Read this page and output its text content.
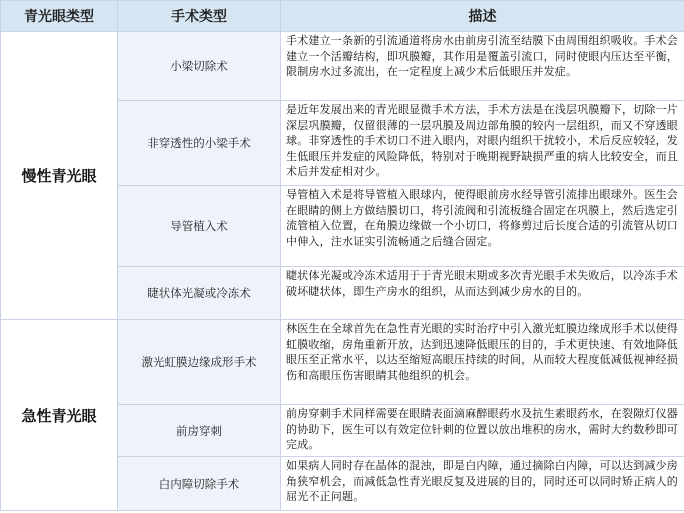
青光眼类型	手术类型	描述
慢性青光眼	小梁切除术	手术建立一条新的引流通道将房水由前房引流至结膜下由周围组织吸收。手术会建立一个活瓣结构，即巩膜瓣，其作用是覆盖引流口，同时使眼内压达至平衡，限制房水过多流出，在一定程度上减少术后低眼压并发症。
	非穿透性的小梁手术	是近年发展出来的青光眼显微手术方法，手术方法是在浅层巩膜瓣下，切除一片深层巩膜瓣，仅留很薄的一层巩膜及周边部角膜的较内一层组织，而又不穿透眼球。非穿透性的手术切口不进入眼内，对眼内组织干扰较小，术后反应较轻，发生低眼压并发症的风险降低，特别对于晚期视野缺损严重的病人比较安全，而且术后并发症相对少。
	导管植入术	导管植入术是将导管植入眼球内，使得眼前房水经导管引流排出眼球外。医生会在眼睛的侧上方做结膜切口，将引流阀和引流板缝合固定在巩膜上，然后选定引流管植入位置，在角膜边缘做一个小切口，将修剪过后长度合适的引流管从切口中伸入，注水证实引流畅通之后缝合固定。
	睫状体光凝或冷冻术	睫状体光凝或冷冻术适用于于青光眼末期或多次青光眼手术失败后，以冷冻手术破坏睫状体，即生产房水的组织，从而达到减少房水的目的。
急性青光眼	激光虹膜边缘成形手术	林医生在全球首先在急性青光眼的实时治疗中引入激光虹膜边缘成形手术以使得虹膜收缩，房角重新开放，达到迅速降低眼压的目的，手术更快速、有效地降低眼压至正常水平，以达至缩短高眼压持续的时间，从而较大程度低减低视神经损伤和高眼压伤害眼睛其他组织的机会。
	前房穿刺	前房穿刺手术同样需要在眼睛表面滴麻醉眼药水及抗生素眼药水，在裂隙灯仪器的协助下，医生可以有效定位针刺的位置以放出堆积的房水，需时大约数秒即可完成。
	白内障切除手术	如果病人同时存在晶体的混浊，即是白内障，通过摘除白内障，可以达到减少房角狭窄机会，而减低急性青光眼反复及进展的目的，同时还可以同时矫正病人的屈光不正问题。
